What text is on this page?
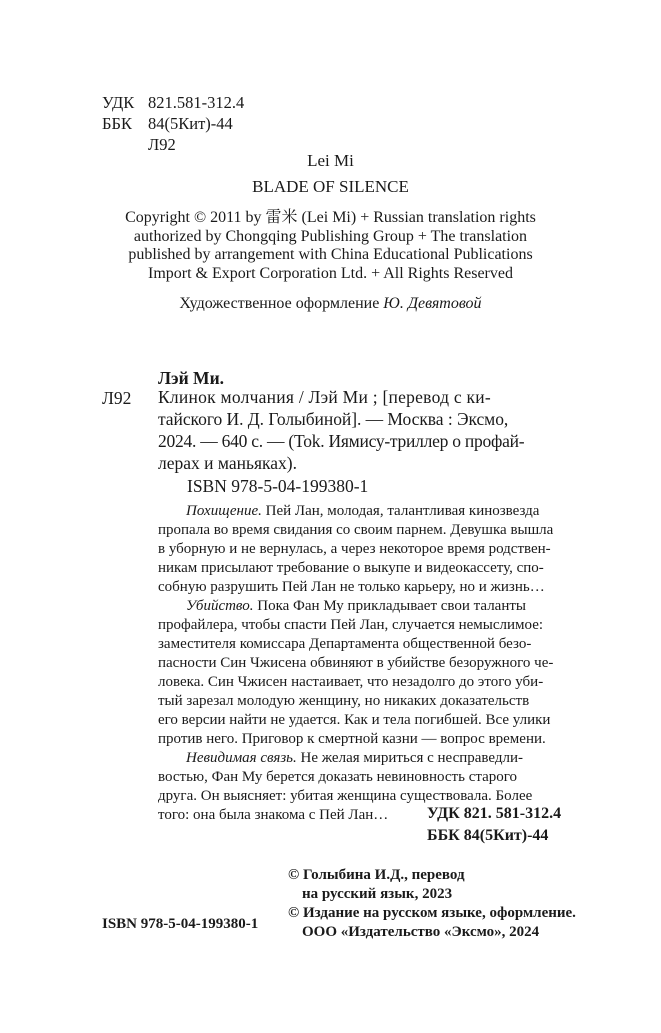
УДК 821.581-312.4
ББК 84(5Кит)-44
Л92
Lei Mi
BLADE OF SILENCE
Copyright © 2011 by 雷米 (Lei Mi) + Russian translation rights
authorized by Chongqing Publishing Group + The translation
published by arrangement with China Educational Publications
Import & Export Corporation Ltd. + All Rights Reserved
Художественное оформление Ю. Девятовой
Лэй Ми.
Л92 Клинок молчания / Лэй Ми ; [перевод с ки-
тайского И. Д. Голыбиной]. — Москва : Эксмо,
2024. — 640 с. — (Tok. Иямису-триллер о профай-
лерах и маньяках).
ISBN 978-5-04-199380-1
Похищение. Пей Лан, молодая, талантливая кинозвезда
пропала во время свидания со своим парнем. Девушка вышла
в уборную и не вернулась, а через некоторое время родствен-
никам присылают требование о выкупе и видеокассету, спо-
собную разрушить Пей Лан не только карьеру, но и жизнь…
Убийство. Пока Фан Му прикладывает свои таланты
профайлера, чтобы спасти Пей Лан, случается немыслимое:
заместителя комиссара Департамента общественной безо-
пасности Син Чжисена обвиняют в убийстве безоружного че-
ловека. Син Чжисен настаивает, что незадолго до этого уби-
тый зарезал молодую женщину, но никаких доказательств
его версии найти не удается. Как и тела погибшей. Все улики
против него. Приговор к смертной казни — вопрос времени.
Невидимая связь. Не желая мириться с несправедли-
востью, Фан Му берется доказать невиновность старого
друга. Он выясняет: убитая женщина существовала. Более
того: она была знакома с Пей Лан…	УДК 821. 581-312.4
ББК 84(5Кит)-44
ISBN 978-5-04-199380-1
© Голыбина И.Д., перевод
на русский язык, 2023
© Издание на русском языке, оформление.
ООО «Издательство «Эксмо», 2024
